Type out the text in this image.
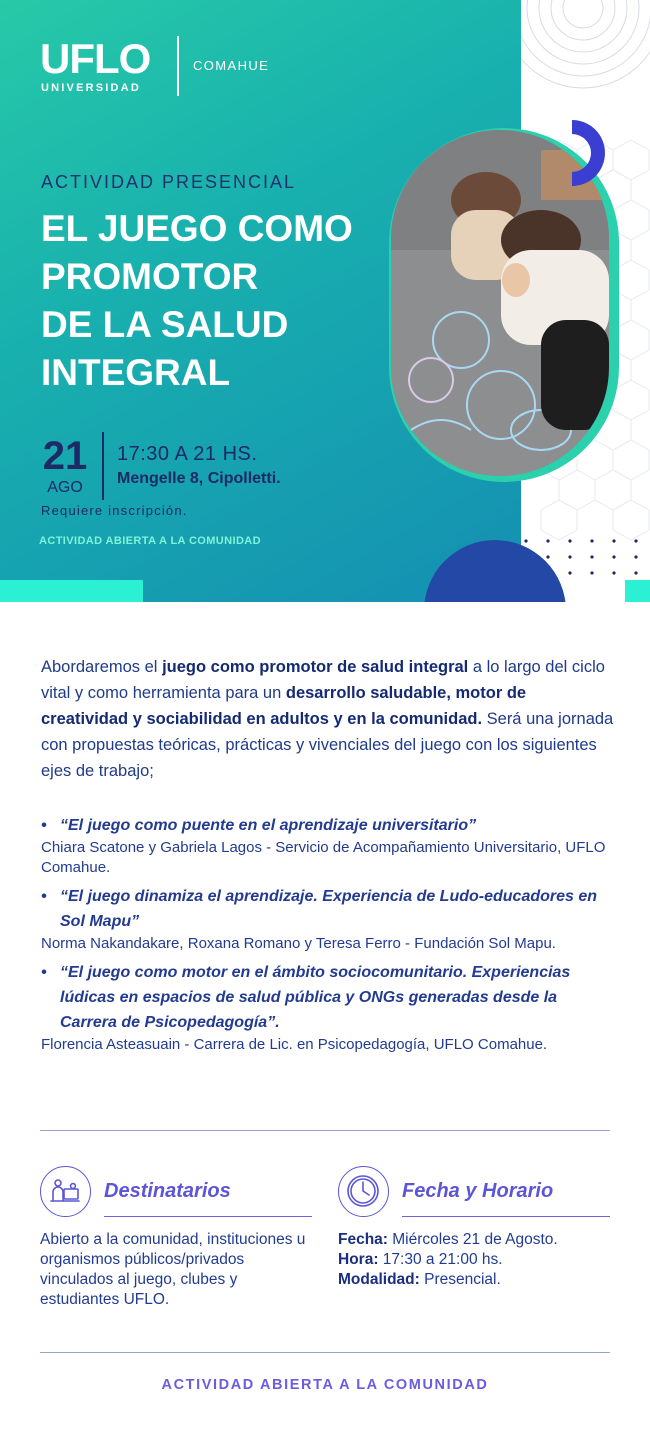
UFLO
UNIVERSIDAD
COMAHUE
ACTIVIDAD PRESENCIAL
EL JUEGO COMO
PROMOTOR
DE LA SALUD
INTEGRAL
21
AGO
17:30 A 21 HS.
Mengelle 8, Cipolletti.
Requiere inscripción.
ACTIVIDAD ABIERTA A LA COMUNIDAD
Abordaremos el juego como promotor de salud integral a lo largo del ciclo vital y como herramienta para un desarrollo saludable, motor de creatividad y sociabilidad en adultos y en la comunidad. Será una jornada con propuestas teóricas, prácticas y vivenciales del juego con los siguientes ejes de trabajo;
• “El juego como puente en el aprendizaje universitario”
Chiara Scatone y Gabriela Lagos - Servicio de Acompañamiento Universitario, UFLO Comahue.
• “El juego dinamiza el aprendizaje. Experiencia de Ludo-educadores en Sol Mapu”
Norma Nakandakare, Roxana Romano y Teresa Ferro - Fundación Sol Mapu.
• “El juego como motor en el ámbito sociocomunitario. Experiencias lúdicas en espacios de salud pública y ONGs generadas desde la Carrera de Psicopedagogía”.
Florencia Asteasuain - Carrera de Lic. en Psicopedagogía, UFLO Comahue.
Destinatarios
Abierto a la comunidad, instituciones u organismos públicos/privados vinculados al juego, clubes y estudiantes UFLO.
Fecha y Horario
Fecha: Miércoles 21 de Agosto.
Hora: 17:30 a 21:00 hs.
Modalidad: Presencial.
ACTIVIDAD ABIERTA A LA COMUNIDAD
